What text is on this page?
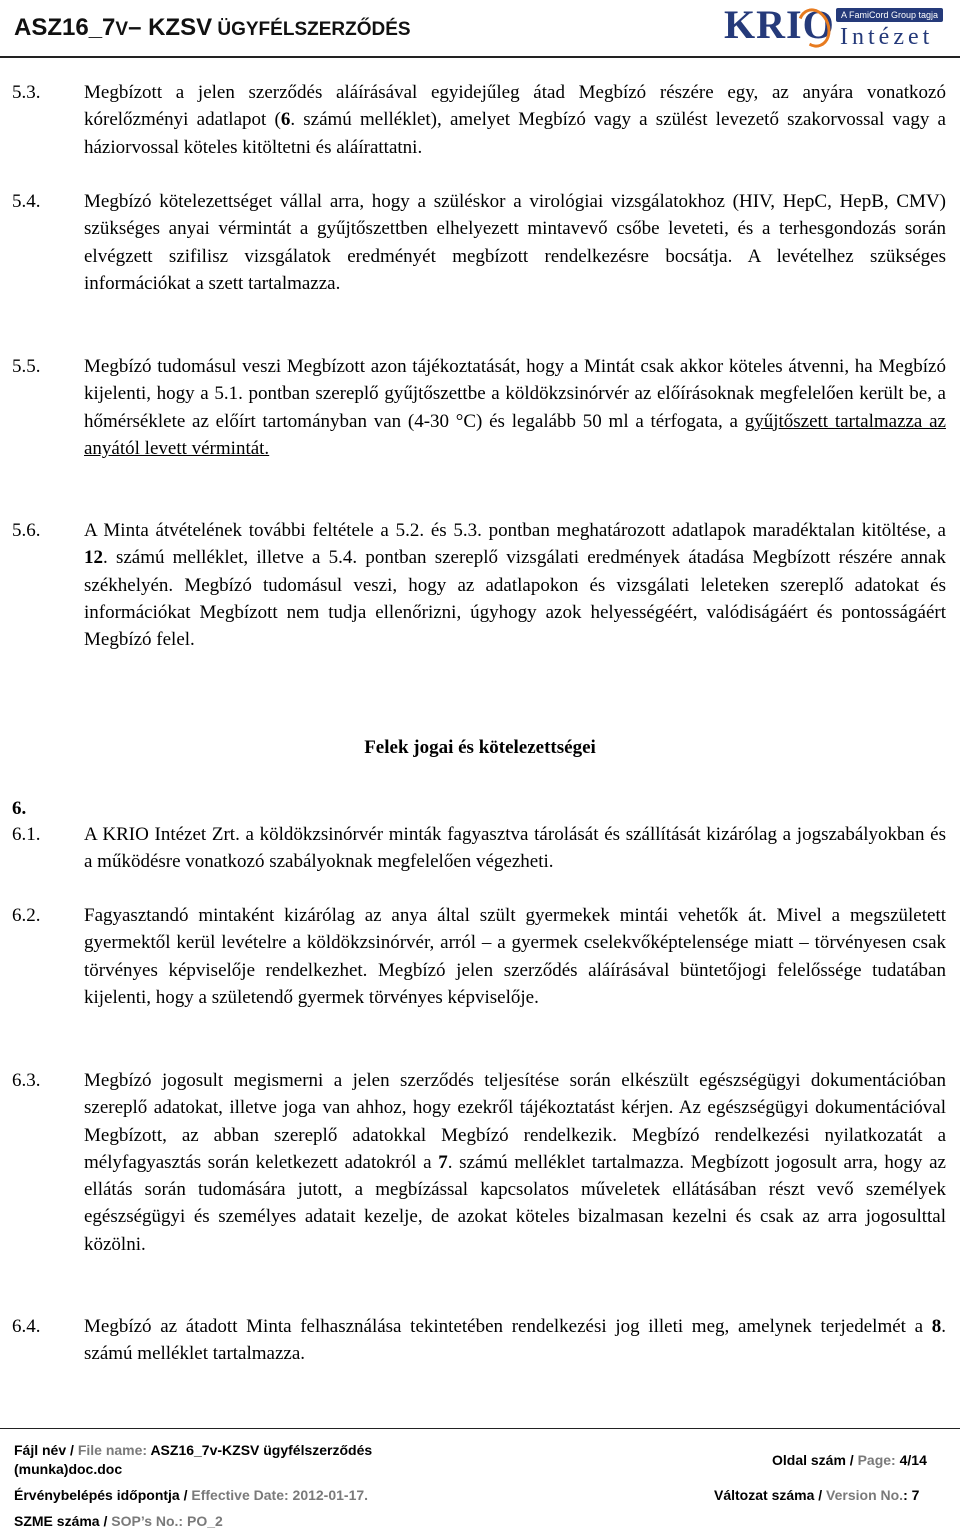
ASZ16_7V– KZSV ÜGYFÉLSZERZŐDÉS	KRIO A FamiCord Group tagja
Intézet
5.3. Megbízott a jelen szerződés aláírásával egyidejűleg átad Megbízó részére egy, az anyára vonatkozó kórelőzményi adatlapot (6. számú melléklet), amelyet Megbízó vagy a szülést levezető szakorvossal vagy a háziorvossal köteles kitöltetni és aláírattatni.
5.4. Megbízó kötelezettséget vállal arra, hogy a szüléskor a virológiai vizsgálatokhoz (HIV, HepC, HepB, CMV) szükséges anyai vérmintát a gyűjtőszettben elhelyezett mintavevő csőbe leveteti, és a terhesgondozás során elvégzett szifilisz vizsgálatok eredményét megbízott rendelkezésre bocsátja. A levételhez szükséges információkat a szett tartalmazza.
5.5. Megbízó tudomásul veszi Megbízott azon tájékoztatását, hogy a Mintát csak akkor köteles átvenni, ha Megbízó kijelenti, hogy a 5.1. pontban szereplő gyűjtőszettbe a köldökzsinórvér az előírásoknak megfelelően került be, a hőmérséklete az előírt tartományban van (4-30 °C) és legalább 50 ml a térfogata, a gyűjtőszett tartalmazza az anyától levett vérmintát.
5.6. A Minta átvételének további feltétele a 5.2. és 5.3. pontban meghatározott adatlapok maradéktalan kitöltése, a 12. számú melléklet, illetve a 5.4. pontban szereplő vizsgálati eredmények átadása Megbízott részére annak székhelyén. Megbízó tudomásul veszi, hogy az adatlapokon és vizsgálati leleteken szereplő adatokat és információkat Megbízott nem tudja ellenőrizni, úgyhogy azok helyességéért, valódiságáért és pontosságáért Megbízó felel.
Felek jogai és kötelezettségei
6.
6.1. A KRIO Intézet Zrt. a köldökzsinórvér minták fagyasztva tárolását és szállítását kizárólag a jogszabályokban és a működésre vonatkozó szabályoknak megfelelően végezheti.
6.2. Fagyasztandó mintaként kizárólag az anya által szült gyermekek mintái vehetők át. Mivel a megszületett gyermektől kerül levételre a köldökzsinórvér, arról – a gyermek cselekvőképtelensége miatt – törvényesen csak törvényes képviselője rendelkezhet. Megbízó jelen szerződés aláírásával büntetőjogi felelőssége tudatában kijelenti, hogy a születendő gyermek törvényes képviselője.
6.3. Megbízó jogosult megismerni a jelen szerződés teljesítése során elkészült egészségügyi dokumentációban szereplő adatokat, illetve joga van ahhoz, hogy ezekről tájékoztatást kérjen. Az egészségügyi dokumentációval Megbízott, az abban szereplő adatokkal Megbízó rendelkezik. Megbízó rendelkezési nyilatkozatát a mélyfagyasztás során keletkezett adatokról a 7. számú melléklet tartalmazza. Megbízott jogosult arra, hogy az ellátás során tudomására jutott, a megbízással kapcsolatos műveletek ellátásában részt vevő személyek egészségügyi és személyes adatait kezelje, de azokat köteles bizalmasan kezelni és csak az arra jogosulttal közölni.
6.4. Megbízó az átadott Minta felhasználása tekintetében rendelkezési jog illeti meg, amelynek terjedelmét a 8. számú melléklet tartalmazza.
Fájl név / File name: ASZ16_7v-KZSV ügyfélszerződés
(munka)doc.doc
Oldal szám / Page: 4/14
Érvénybelépés időpontja / Effective Date: 2012-01-17.	Változat száma / Version No.: 7
SZME száma / SOP’s No.: PO_2
